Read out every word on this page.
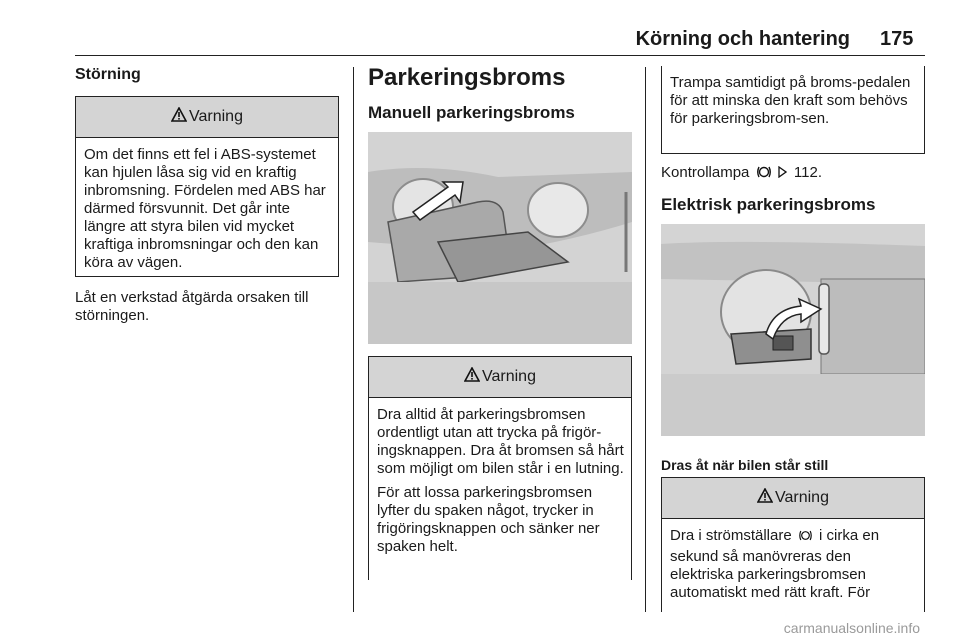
Körning och hantering 175
Störning
Varning

Om det finns ett fel i ABS-systemet kan hjulen låsa sig vid en kraftig inbromsning. Fördelen med ABS har därmed försvunnit. Det går inte längre att styra bilen vid mycket kraftiga inbromsningar och den kan köra av vägen.

Låt en verkstad åtgärda orsaken till störningen.
Parkeringsbroms
Manuell parkeringsbroms
Varning

Dra alltid åt parkeringsbromsen ordentligt utan att trycka på frigör-ingsknappen. Dra åt bromsen så hårt som möjligt om bilen står i en lutning.

För att lossa parkeringsbromsen lyfter du spaken något, trycker in frigöringsknappen och sänker ner spaken helt.

Trampa samtidigt på broms-pedalen för att minska den kraft som behövs för parkeringsbrom-sen.
Kontrollampa	112.
Elektrisk parkeringsbroms
Dras åt när bilen står still
Varning

Dra i strömställare i cirka en sekund så manövreras den elektriska parkeringsbromsen automatiskt med rätt kraft. För

carmanualsonline.info
